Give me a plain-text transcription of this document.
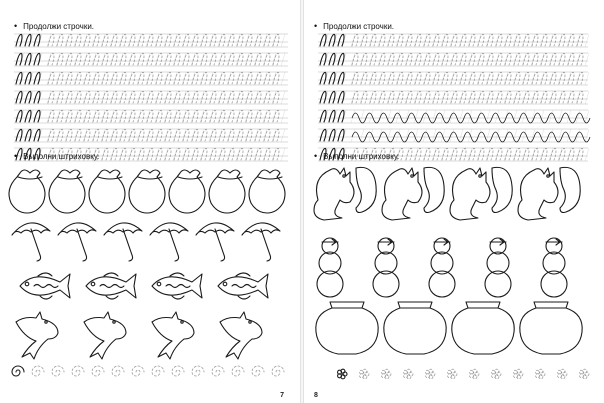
• Продолжи строчки.
• Выполни штриховку.
7
• Продолжи строчки.
• Выполни штриховку.
8
